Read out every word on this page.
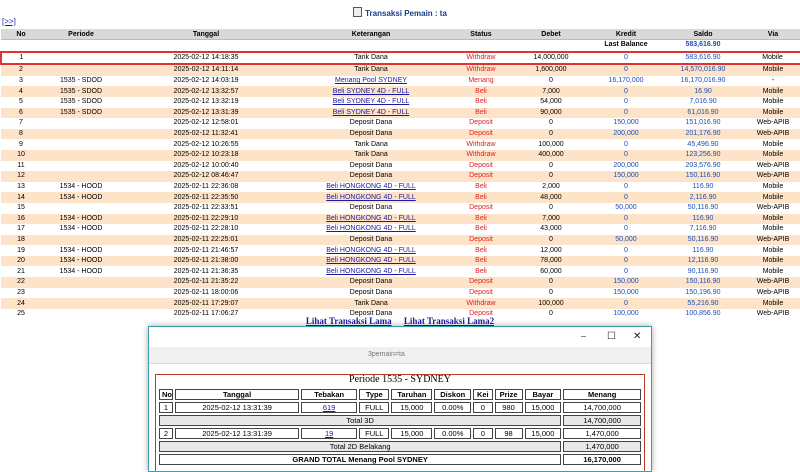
Transaksi Pemain : ta
[>>]
No	Periode	Tanggal	Keterangan	Status	Debet	Kredit	Saldo	Via
						Last Balance	583,616.90	
1		2025-02-12 14:18:35	Tarik Dana	Withdraw	14,000,000	0	583,616.90	Mobile
2		2025-02-12 14:11:14	Tarik Dana	Withdraw	1,600,000	0	14,570,016.90	Mobile
3	1535 - SDOD	2025-02-12 14:03:19	Menang Pool SYDNEY	Menang	0	16,170,000	16,170,016.90	-
4	1535 - SDOD	2025-02-12 13:32:57	Beli SYDNEY 4D - FULL	Beli	7,000	0	16.90	Mobile
5	1535 - SDOD	2025-02-12 13:32:19	Beli SYDNEY 4D - FULL	Beli	54,000	0	7,016.90	Mobile
6	1535 - SDOD	2025-02-12 13:31:39	Beli SYDNEY 4D - FULL	Beli	90,000	0	61,016.90	Mobile
7		2025-02-12 12:58:01	Deposit Dana	Deposit	0	150,000	151,016.90	Web-APIB
8		2025-02-12 11:32:41	Deposit Dana	Deposit	0	200,000	201,176.90	Web-APIB
9		2025-02-12 10:26:55	Tarik Dana	Withdraw	100,000	0	45,496.90	Mobile
10		2025-02-12 10:23:18	Tarik Dana	Withdraw	400,000	0	123,256.90	Mobile
11		2025-02-12 10:00:40	Deposit Dana	Deposit	0	200,000	203,576.90	Web-APIB
12		2025-02-12 08:46:47	Deposit Dana	Deposit	0	150,000	150,116.90	Web-APIB
13	1534 - HOOD	2025-02-11 22:36:08	Beli HONGKONG 4D - FULL	Beli	2,000	0	116.90	Mobile
14	1534 - HOOD	2025-02-11 22:35:50	Beli HONGKONG 4D - FULL	Beli	48,000	0	2,116.90	Mobile
15		2025-02-11 22:33:51	Deposit Dana	Deposit	0	50,000	50,116.90	Web-APIB
16	1534 - HOOD	2025-02-11 22:29:10	Beli HONGKONG 4D - FULL	Beli	7,000	0	116.90	Mobile
17	1534 - HOOD	2025-02-11 22:28:10	Beli HONGKONG 4D - FULL	Beli	43,000	0	7,116.90	Mobile
18		2025-02-11 22:25:01	Deposit Dana	Deposit	0	50,000	50,116.90	Web-APIB
19	1534 - HOOD	2025-02-11 21:46:57	Beli HONGKONG 4D - FULL	Beli	12,000	0	116.90	Mobile
20	1534 - HOOD	2025-02-11 21:38:00	Beli HONGKONG 4D - FULL	Beli	78,000	0	12,116.90	Mobile
21	1534 - HOOD	2025-02-11 21:36:35	Beli HONGKONG 4D - FULL	Beli	60,000	0	90,116.90	Mobile
22		2025-02-11 21:35:22	Deposit Dana	Deposit	0	150,000	150,116.90	Web-APIB
23		2025-02-11 18:00:06	Deposit Dana	Deposit	0	150,000	150,196.90	Web-APIB
24		2025-02-11 17:29:07	Tarik Dana	Withdraw	100,000	0	55,216.90	Mobile
25		2025-02-11 17:06:27	Deposit Dana	Deposit	0	100,000	100,856.90	Web-APIB
Lihat Transaksi Lama Lihat Transaksi Lama2
– ☐ ✕
3pemain=ta
Periode 1535 - SYDNEY
No	Tanggal	Tebakan	Type	Taruhan	Diskon	Kei	Prize	Bayar	Menang
1	2025-02-12 13:31:39	619	FULL	15,000	0.00%	0	980	15,000	14,700,000
Total 3D									14,700,000
2	2025-02-12 13:31:39	19	FULL	15,000	0.00%	0	98	15,000	1,470,000
Total 2D Belakang									1,470,000
GRAND TOTAL Menang Pool SYDNEY									16,170,000
